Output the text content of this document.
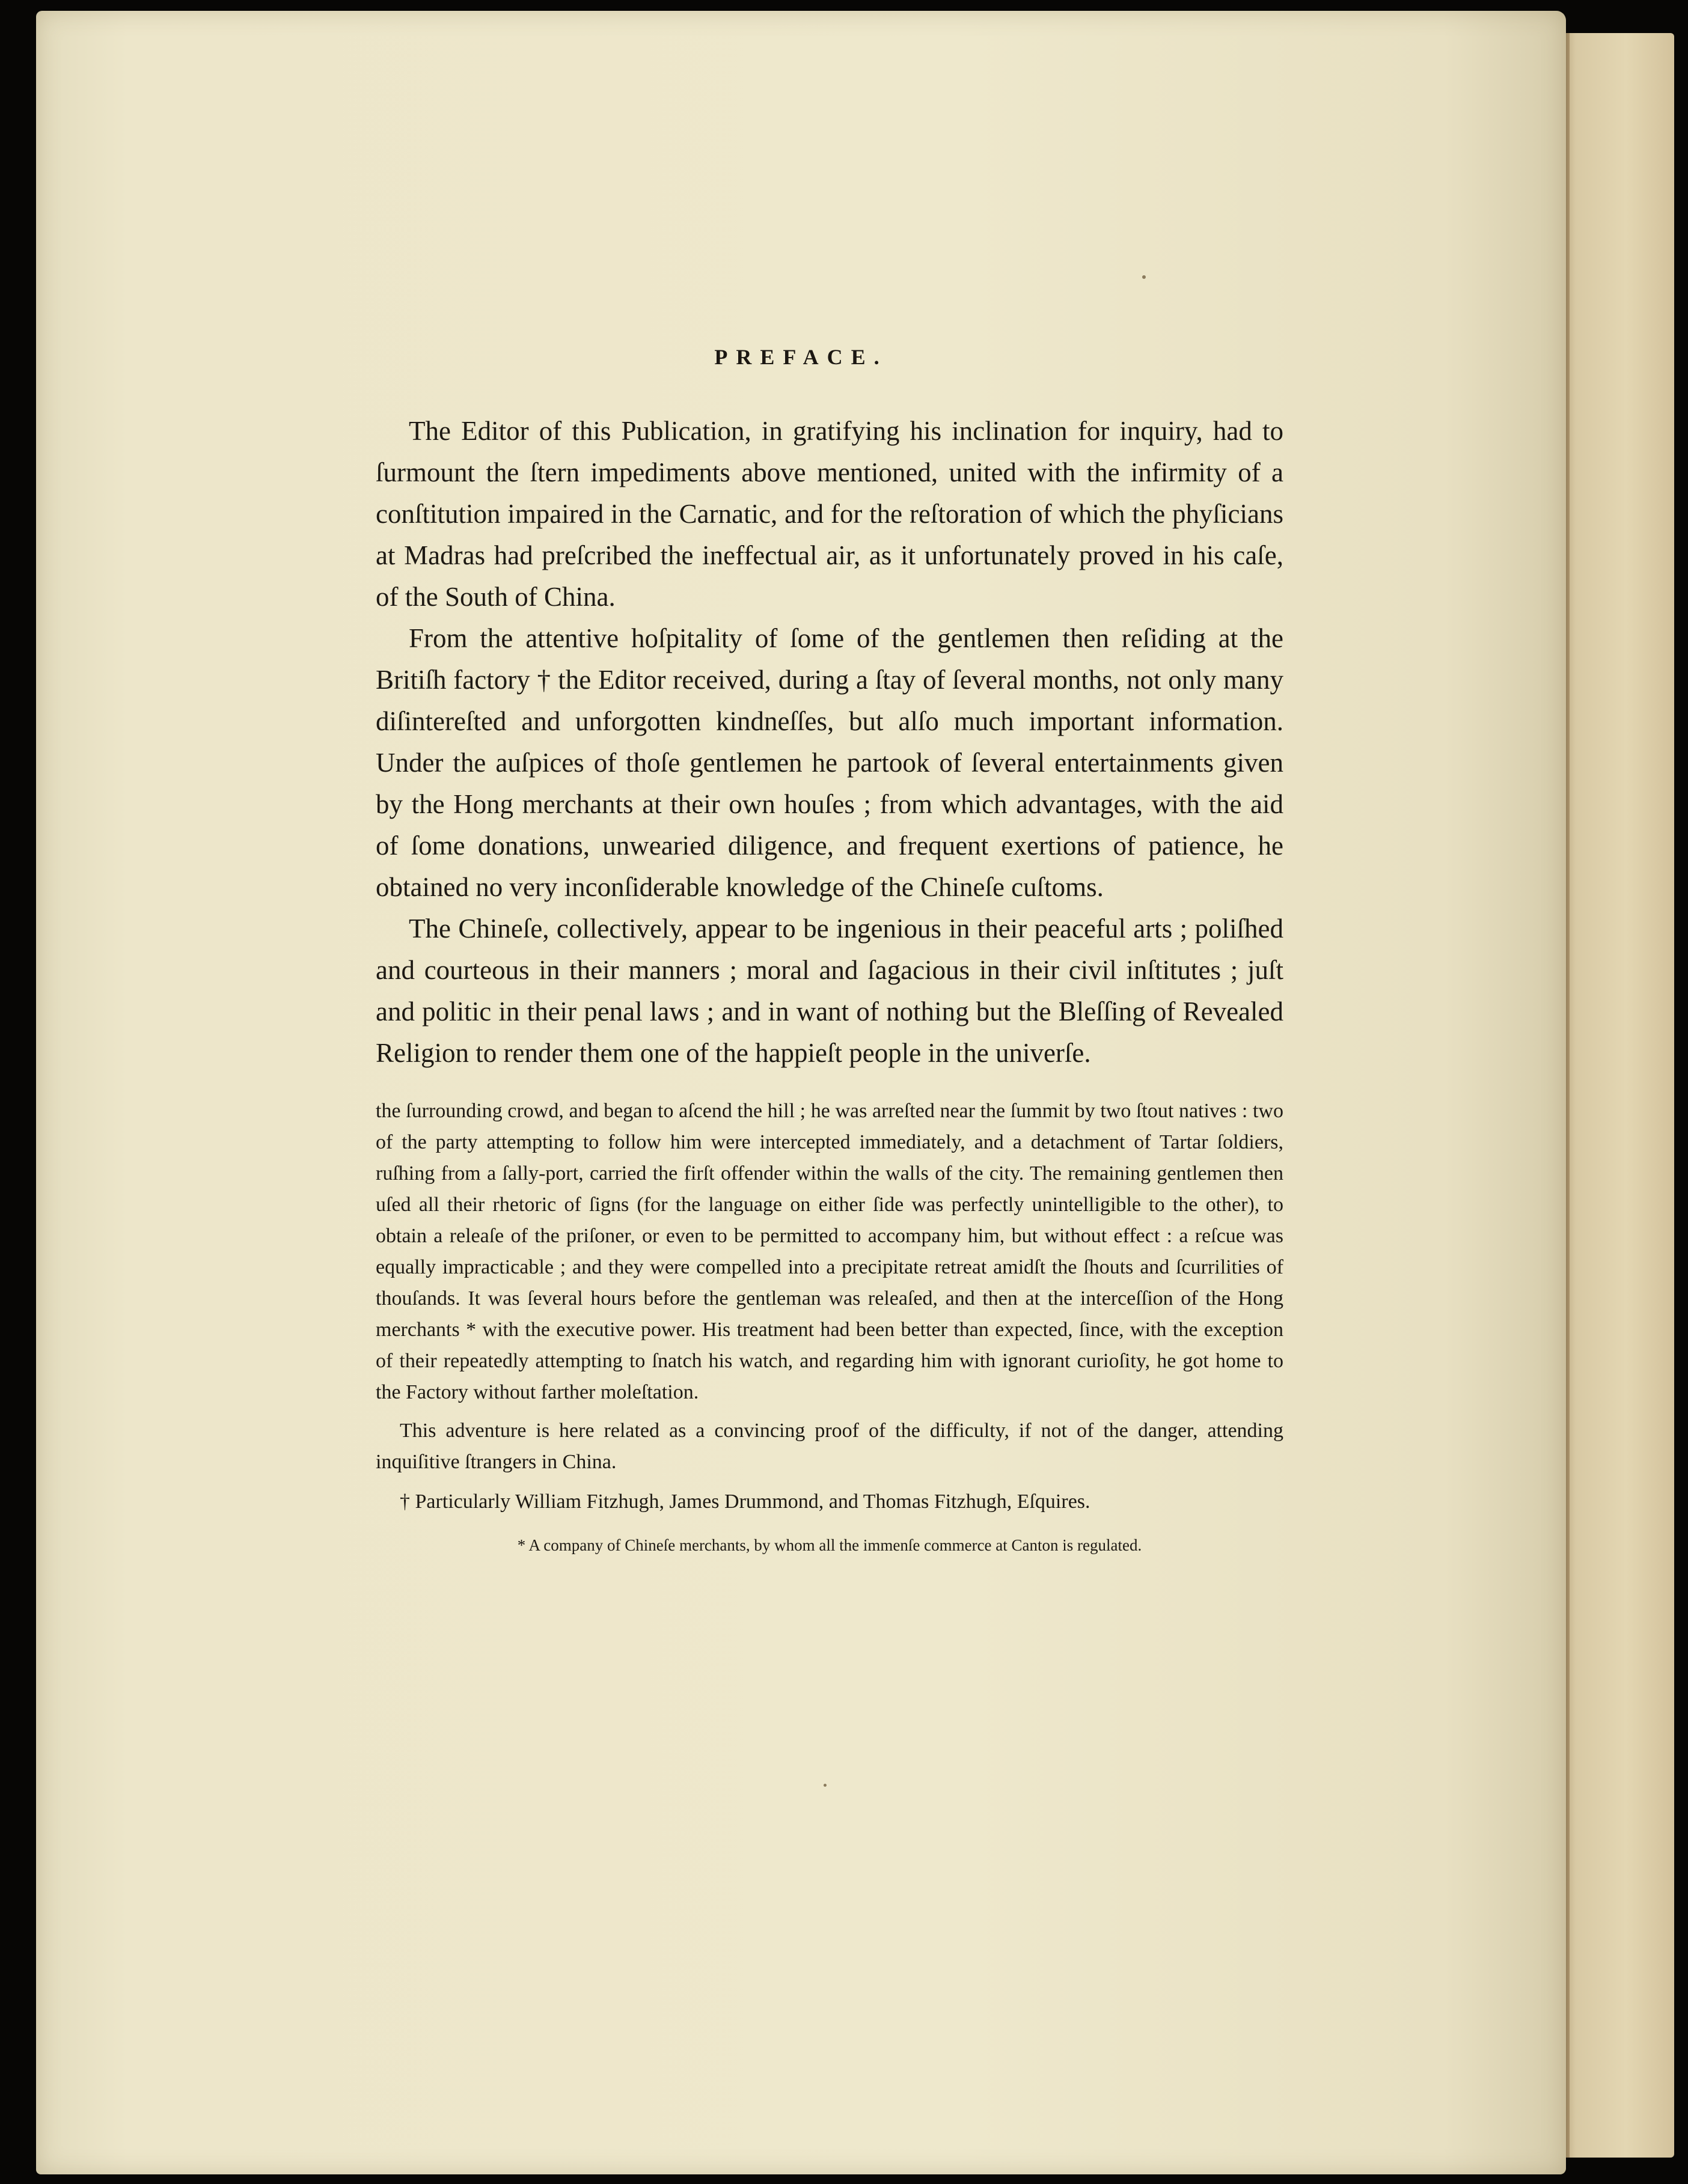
PREFACE.

The Editor of this Publication, in gratifying his inclination for inquiry, had to ſurmount the ſtern impediments above mentioned, united with the infirmity of a conſtitution impaired in the Carnatic, and for the reſtoration of which the phyſicians at Madras had preſcribed the ineffectual air, as it unfortunately proved in his caſe, of the South of China.

From the attentive hoſpitality of ſome of the gentlemen then reſiding at the Britiſh factory † the Editor received, during a ſtay of ſeveral months, not only many diſintereſted and unforgotten kindneſſes, but alſo much important information. Under the auſpices of thoſe gentlemen he partook of ſeveral entertainments given by the Hong merchants at their own houſes ; from which advantages, with the aid of ſome donations, unwearied diligence, and frequent exertions of patience, he obtained no very inconſiderable knowledge of the Chineſe cuſtoms.

The Chineſe, collectively, appear to be ingenious in their peaceful arts ; poliſhed and courteous in their manners ; moral and ſagacious in their civil inſtitutes ; juſt and politic in their penal laws ; and in want of nothing but the Bleſſing of Revealed Religion to render them one of the happieſt people in the univerſe.

the ſurrounding crowd, and began to aſcend the hill ; he was arreſted near the ſummit by two ſtout natives : two of the party attempting to follow him were intercepted immediately, and a detachment of Tartar ſoldiers, ruſhing from a ſally-port, carried the firſt offender within the walls of the city. The remaining gentlemen then uſed all their rhetoric of ſigns (for the language on either ſide was perfectly unintelligible to the other), to obtain a releaſe of the priſoner, or even to be permitted to accompany him, but without effect : a reſcue was equally impracticable ; and they were compelled into a precipitate retreat amidſt the ſhouts and ſcurrilities of thouſands. It was ſeveral hours before the gentleman was releaſed, and then at the interceſſion of the Hong merchants * with the executive power. His treatment had been better than expected, ſince, with the exception of their repeatedly attempting to ſnatch his watch, and regarding him with ignorant curioſity, he got home to the Factory without farther moleſtation.

This adventure is here related as a convincing proof of the difficulty, if not of the danger, attending inquiſitive ſtrangers in China.

† Particularly William Fitzhugh, James Drummond, and Thomas Fitzhugh, Eſquires.

* A company of Chineſe merchants, by whom all the immenſe commerce at Canton is regulated.
